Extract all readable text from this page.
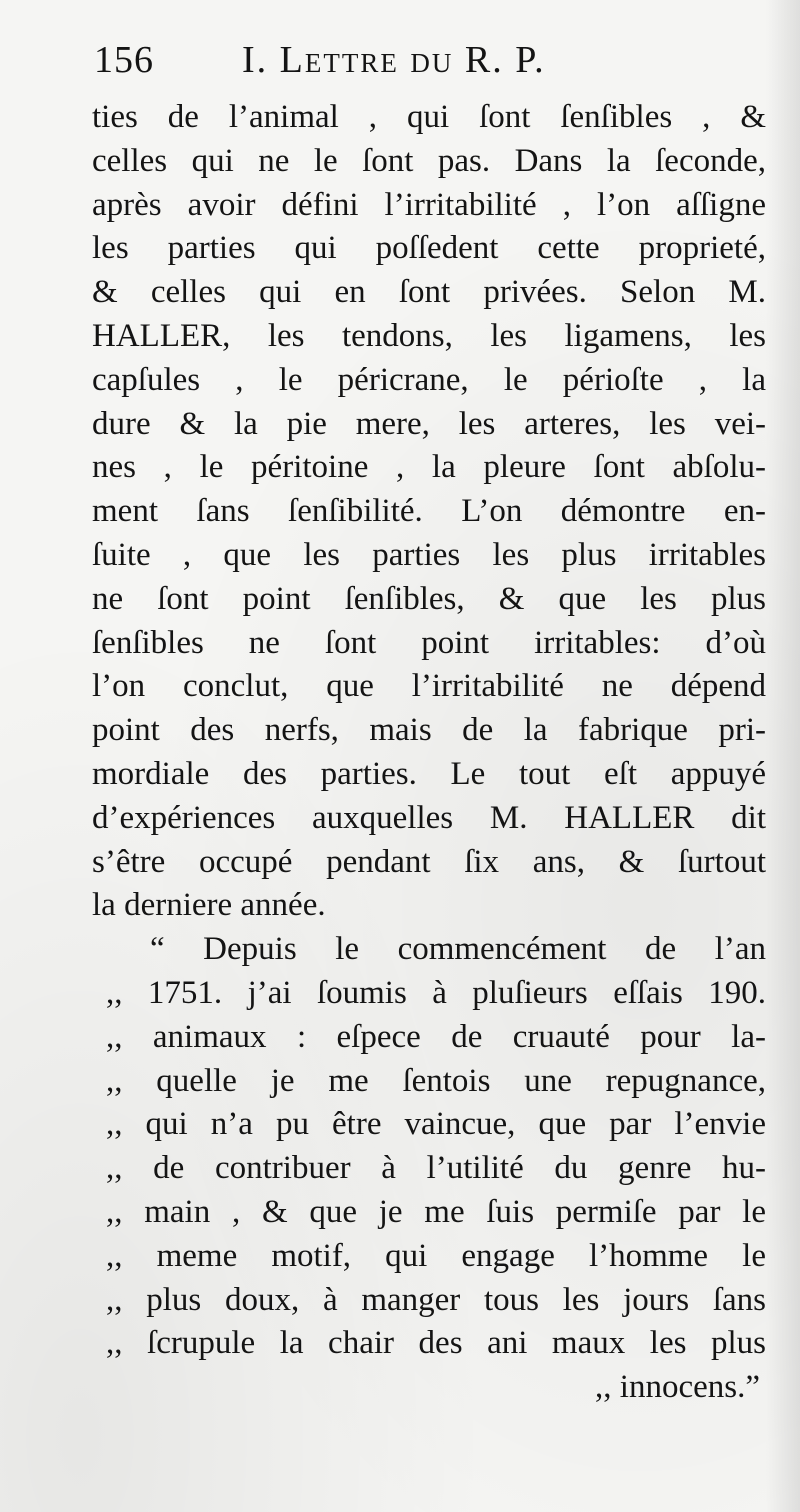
156 I. Lettre du R. P.
ties de l’animal , qui ſont ſenſibles , &
celles qui ne le ſont pas. Dans la ſeconde,
après avoir défini l’irritabilité , l’on aſſigne
les parties qui poſſedent cette proprieté,
& celles qui en ſont privées. Selon M.
HALLER, les tendons, les ligamens, les
capſules , le péricrane, le périoſte , la
dure & la pie mere, les arteres, les vei-
nes , le péritoine , la pleure ſont abſolu-
ment ſans ſenſibilité. L’on démontre en-
ſuite , que les parties les plus irritables
ne ſont point ſenſibles, & que les plus
ſenſibles ne ſont point irritables: d’où
l’on conclut, que l’irritabilité ne dépend
point des nerfs, mais de la fabrique pri-
mordiale des parties. Le tout eſt appuyé
d’expériences auxquelles M. HALLER dit
s’être occupé pendant ſix ans, & ſurtout
la derniere année.
“ Depuis le commencément de l’an
,, 1751. j’ai ſoumis à pluſieurs eſſais 190.
,, animaux : eſpece de cruauté pour la-
,, quelle je me ſentois une repugnance,
,, qui n’a pu être vaincue, que par l’envie
,, de contribuer à l’utilité du genre hu-
,, main , & que je me ſuis permiſe par le
,, meme motif, qui engage l’homme le
,, plus doux, à manger tous les jours ſans
,, ſcrupule la chair des ani maux les plus
,, innocens.”
